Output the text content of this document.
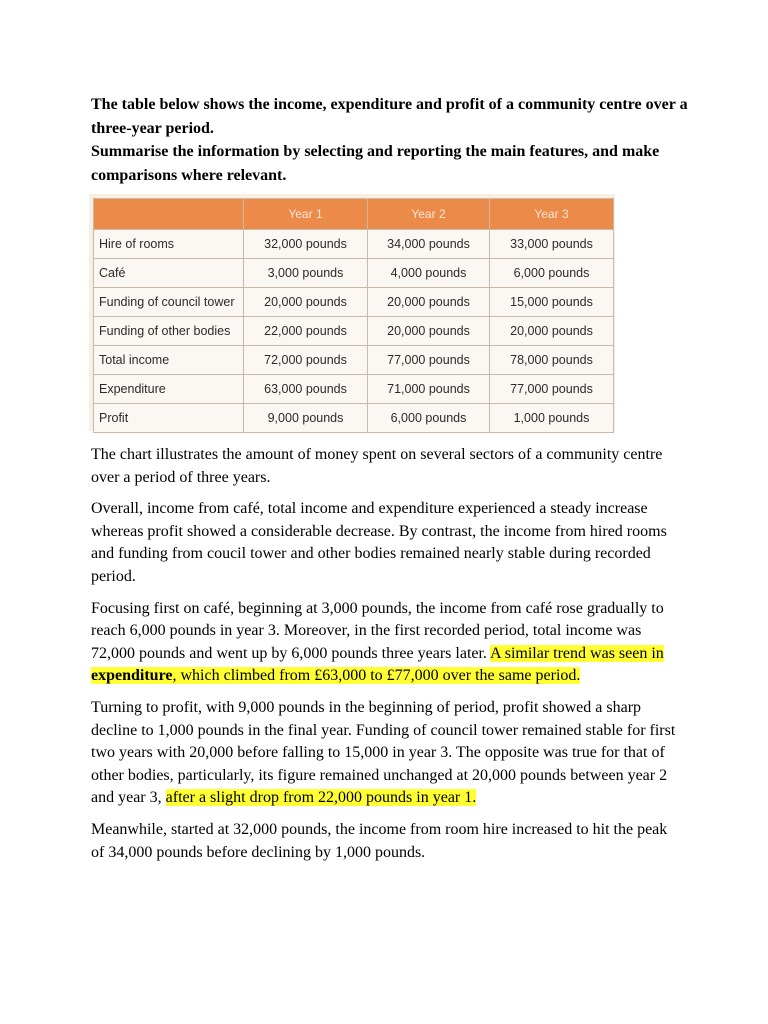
The table below shows the income, expenditure and profit of a community centre over a three-year period.

Summarise the information by selecting and reporting the main features, and make comparisons where relevant.

	Year 1	Year 2	Year 3
Hire of rooms	32,000 pounds	34,000 pounds	33,000 pounds
Café	3,000 pounds	4,000 pounds	6,000 pounds
Funding of council tower	20,000 pounds	20,000 pounds	15,000 pounds
Funding of other bodies	22,000 pounds	20,000 pounds	20,000 pounds
Total income	72,000 pounds	77,000 pounds	78,000 pounds
Expenditure	63,000 pounds	71,000 pounds	77,000 pounds
Profit	9,000 pounds	6,000 pounds	1,000 pounds

The chart illustrates the amount of money spent on several sectors of a community centre over a period of three years.

Overall, income from café, total income and expenditure experienced a steady increase whereas profit showed a considerable decrease. By contrast, the income from hired rooms and funding from coucil tower and other bodies remained nearly stable during recorded period.

Focusing first on café, beginning at 3,000 pounds, the income from café rose gradually to reach 6,000 pounds in year 3. Moreover, in the first recorded period, total income was 72,000 pounds and went up by 6,000 pounds three years later. A similar trend was seen in expenditure, which climbed from £63,000 to £77,000 over the same period.

Turning to profit, with 9,000 pounds in the beginning of period, profit showed a sharp decline to 1,000 pounds in the final year. Funding of council tower remained stable for first two years with 20,000 before falling to 15,000 in year 3. The opposite was true for that of other bodies, particularly, its figure remained unchanged at 20,000 pounds between year 2 and year 3, after a slight drop from 22,000 pounds in year 1.

Meanwhile, started at 32,000 pounds, the income from room hire increased to hit the peak of 34,000 pounds before declining by 1,000 pounds.
